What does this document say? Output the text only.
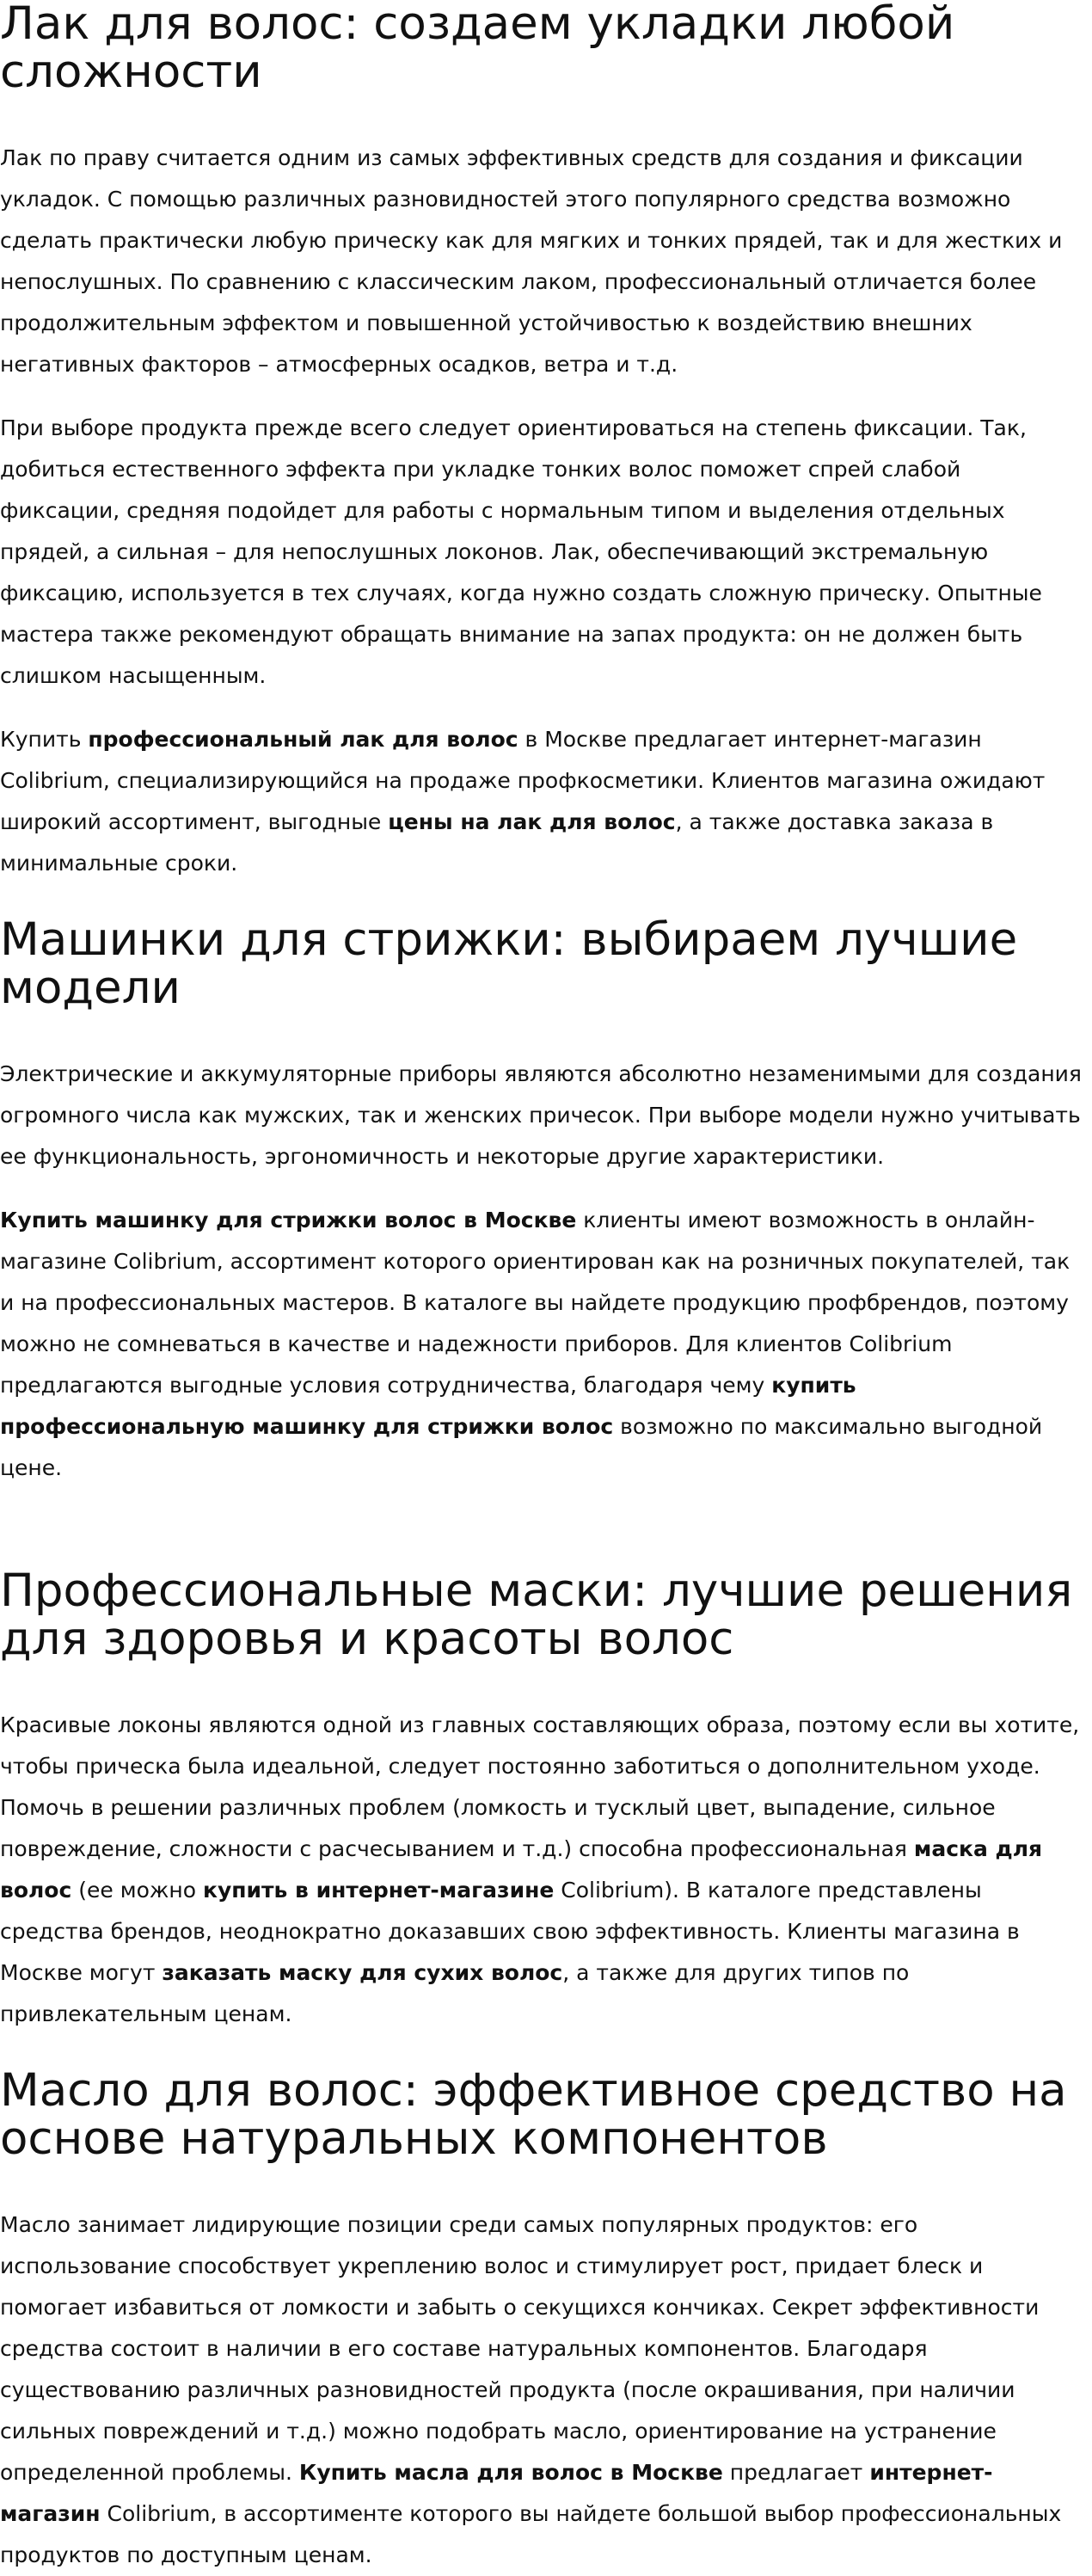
Лак для волос: создаем укладки любой сложности

Лак по праву считается одним из самых эффективных средств для создания и фиксации укладок. С помощью различных разновидностей этого популярного средства возможно сделать практически любую прическу как для мягких и тонких прядей, так и для жестких и непослушных. По сравнению с классическим лаком, профессиональный отличается более продолжительным эффектом и повышенной устойчивостью к воздействию внешних негативных факторов – атмосферных осадков, ветра и т.д.

При выборе продукта прежде всего следует ориентироваться на степень фиксации. Так, добиться естественного эффекта при укладке тонких волос поможет спрей слабой фиксации, средняя подойдет для работы с нормальным типом и выделения отдельных прядей, а сильная – для непослушных локонов. Лак, обеспечивающий экстремальную фиксацию, используется в тех случаях, когда нужно создать сложную прическу. Опытные мастера также рекомендуют обращать внимание на запах продукта: он не должен быть слишком насыщенным.

Купить профессиональный лак для волос в Москве предлагает интернет-магазин Colibrium, специализирующийся на продаже профкосметики. Клиентов магазина ожидают широкий ассортимент, выгодные цены на лак для волос, а также доставка заказа в минимальные сроки.

Машинки для стрижки: выбираем лучшие модели

Электрические и аккумуляторные приборы являются абсолютно незаменимыми для создания огромного числа как мужских, так и женских причесок. При выборе модели нужно учитывать ее функциональность, эргономичность и некоторые другие характеристики.

Купить машинку для стрижки волос в Москве клиенты имеют возможность в онлайн-магазине Colibrium, ассортимент которого ориентирован как на розничных покупателей, так и на профессиональных мастеров. В каталоге вы найдете продукцию профбрендов, поэтому можно не сомневаться в качестве и надежности приборов. Для клиентов Colibrium предлагаются выгодные условия сотрудничества, благодаря чему купить профессиональную машинку для стрижки волос возможно по максимально выгодной цене.

Профессиональные маски: лучшие решения для здоровья и красоты волос

Красивые локоны являются одной из главных составляющих образа, поэтому если вы хотите, чтобы прическа была идеальной, следует постоянно заботиться о дополнительном уходе. Помочь в решении различных проблем (ломкость и тусклый цвет, выпадение, сильное повреждение, сложности с расчесыванием и т.д.) способна профессиональная маска для волос (ее можно купить в интернет-магазине Colibrium). В каталоге представлены средства брендов, неоднократно доказавших свою эффективность. Клиенты магазина в Москве могут заказать маску для сухих волос, а также для других типов по привлекательным ценам.

Масло для волос: эффективное средство на основе натуральных компонентов

Масло занимает лидирующие позиции среди самых популярных продуктов: его использование способствует укреплению волос и стимулирует рост, придает блеск и помогает избавиться от ломкости и забыть о секущихся кончиках. Секрет эффективности средства состоит в наличии в его составе натуральных компонентов. Благодаря существованию различных разновидностей продукта (после окрашивания, при наличии сильных повреждений и т.д.) можно подобрать масло, ориентирование на устранение определенной проблемы. Купить масла для волос в Москве предлагает интернет-магазин Colibrium, в ассортименте которого вы найдете большой выбор профессиональных продуктов по доступным ценам.
